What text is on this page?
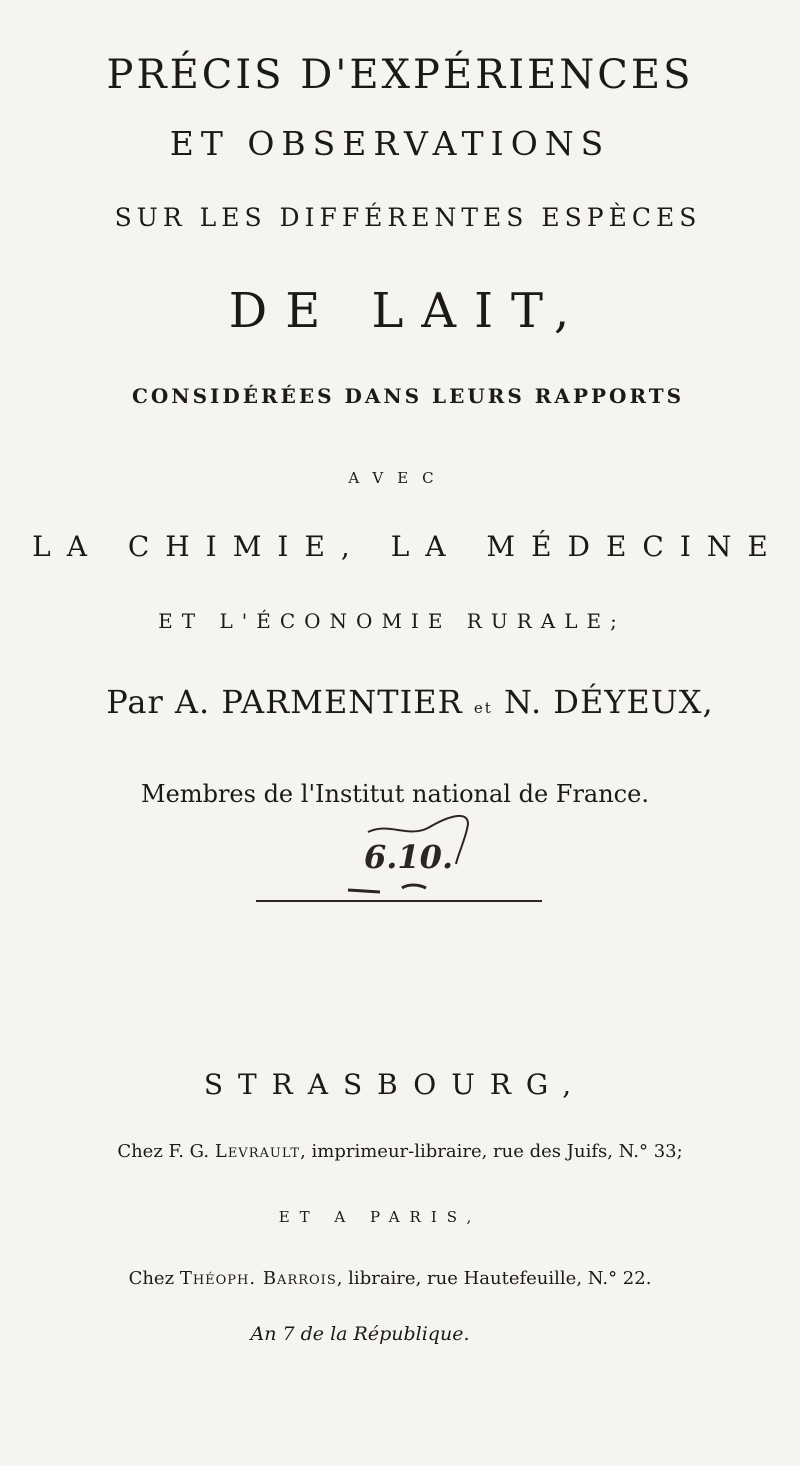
PRÉCIS D'EXPÉRIENCES
ET OBSERVATIONS
SUR LES DIFFÉRENTES ESPÈCES
DE LAIT,
CONSIDÉRÉES DANS LEURS RAPPORTS
AVEC
LA CHIMIE, LA MÉDECINE
ET L'ÉCONOMIE RURALE;
Par A. PARMENTIER et N. DÉYEUX,
Membres de l'Institut national de France.
6.10.
STRASBOURG,
Chez F. G. Levrault, imprimeur-libraire, rue des Juifs, N.° 33;
ET A PARIS,
Chez Théoph. Barrois, libraire, rue Hautefeuille, N.° 22.
An 7 de la République.
